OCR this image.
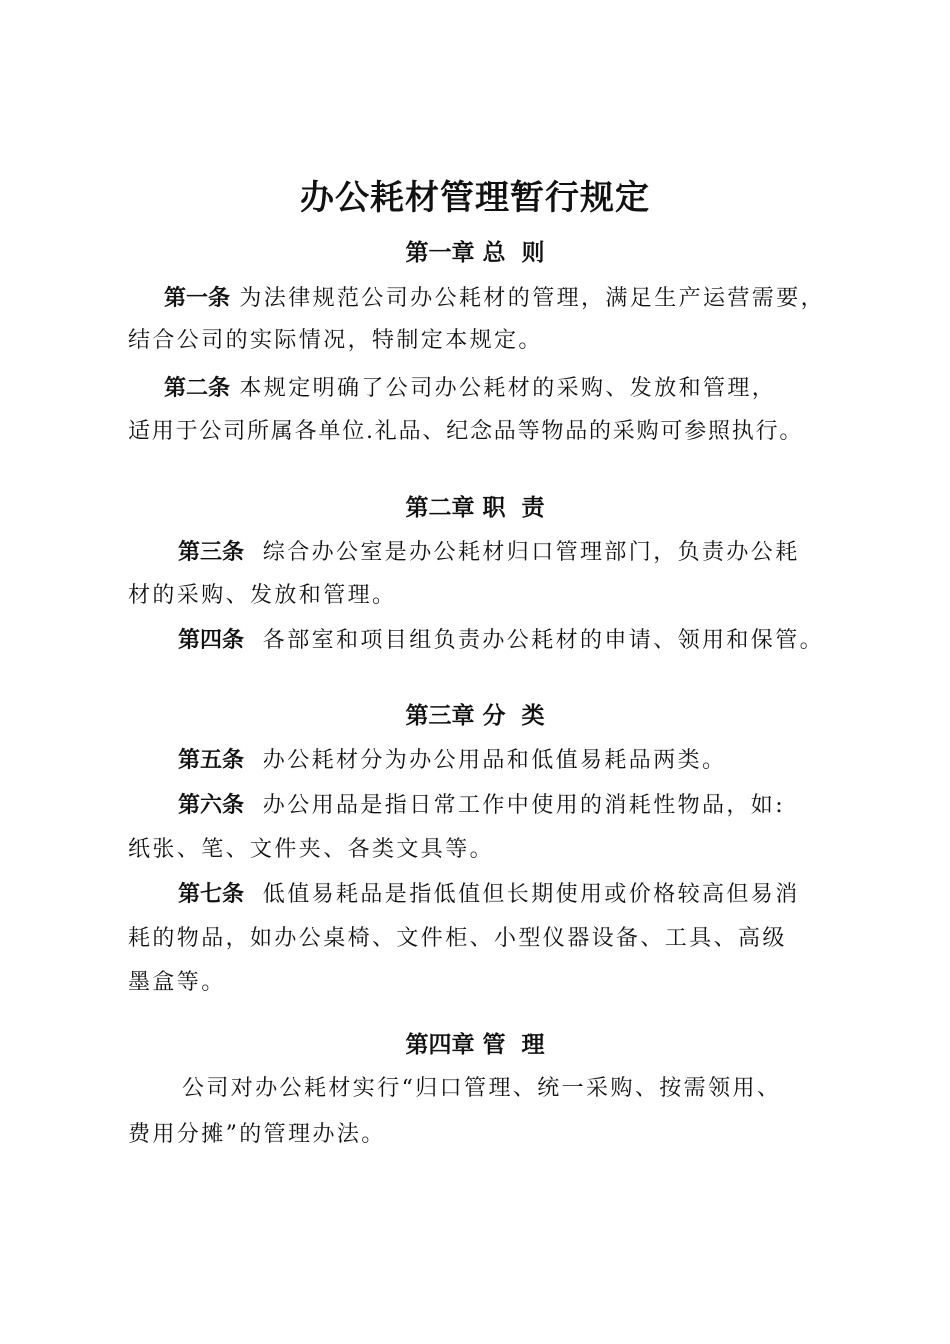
办公耗材管理暂行规定
第一章 总  则
第一条 为法律规范公司办公耗材的管理，满足生产运营需要，
结合公司的实际情况，特制定本规定。
第二条 本规定明确了公司办公耗材的采购、发放和管理，
适用于公司所属各单位.礼品、纪念品等物品的采购可参照执行。
第二章 职  责
第三条  综合办公室是办公耗材归口管理部门，负责办公耗
材的采购、发放和管理。
第四条  各部室和项目组负责办公耗材的申请、领用和保管。
第三章 分  类
第五条  办公耗材分为办公用品和低值易耗品两类。
第六条  办公用品是指日常工作中使用的消耗性物品，如:
纸张、笔、文件夹、各类文具等。
第七条  低值易耗品是指低值但长期使用或价格较高但易消
耗的物品，如办公桌椅、文件柜、小型仪器设备、工具、高级
墨盒等。
第四章 管  理
公司对办公耗材实行“归口管理、统一采购、按需领用、
费用分摊”的管理办法。
